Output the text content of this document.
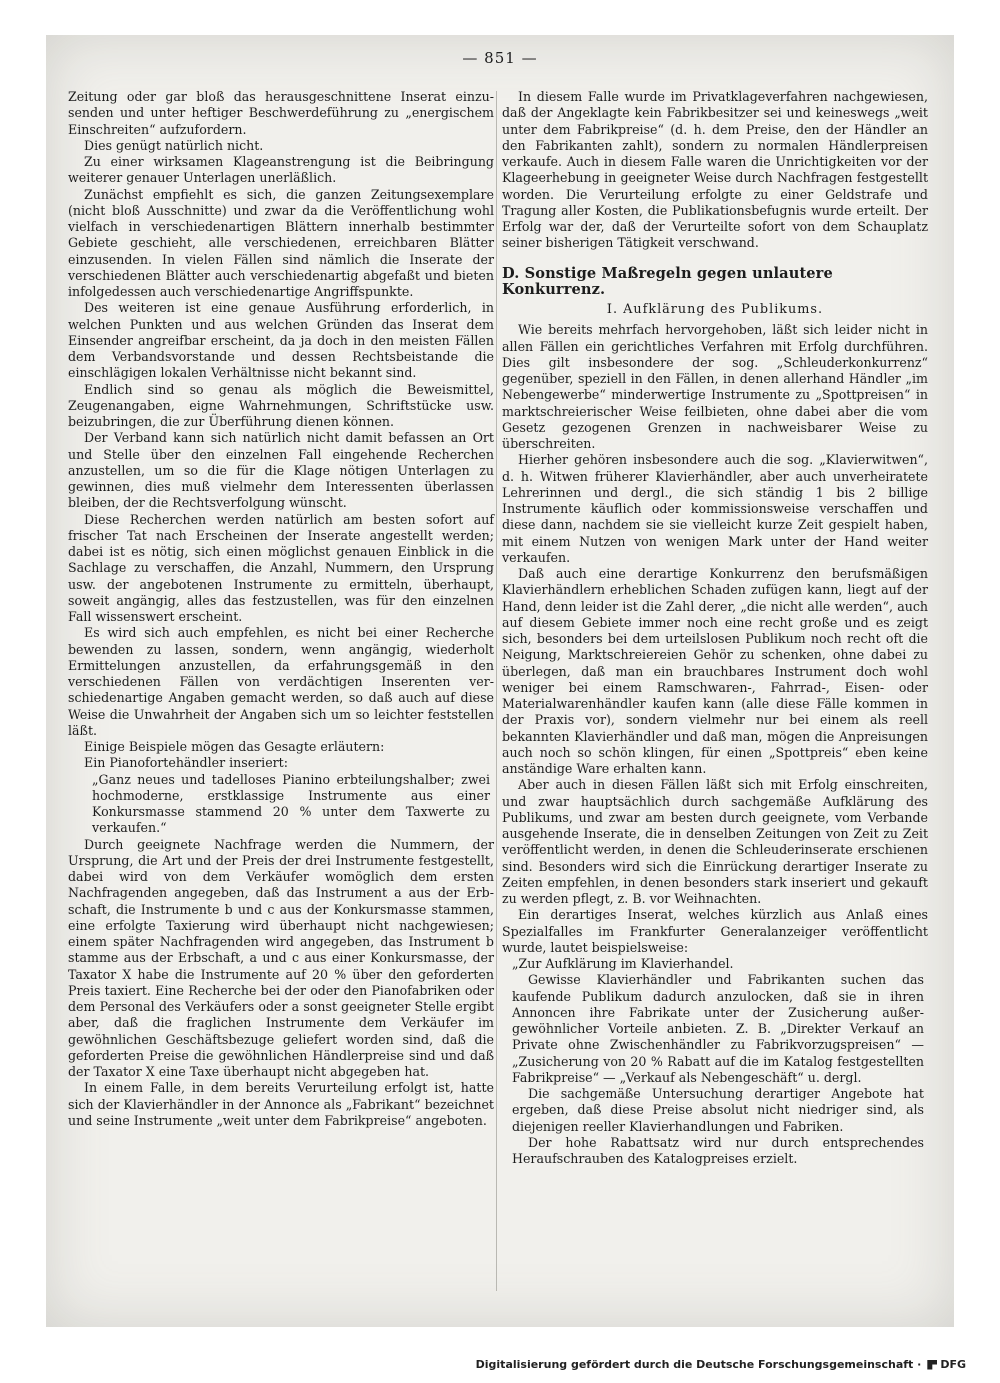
— 851 —

Zeitung oder gar bloß das herausgeschnittene Inserat einzusenden und unter heftiger Beschwerdeführung zu „energischem Einschreiten“ aufzufordern.

Dies genügt natürlich nicht.

Zu einer wirksamen Klageanstrengung ist die Beibringung weiterer genauer Unterlagen unerläßlich.

Zunächst empfiehlt es sich, die ganzen Zeitungsexemplare (nicht bloß Ausschnitte) und zwar da die Veröffentlichung wohl vielfach in verschiedenartigen Blättern innerhalb bestimmter Gebiete geschieht, alle verschiedenen, erreichbaren Blätter einzusenden. In vielen Fällen sind nämlich die Inserate der verschiedenen Blätter auch verschiedenartig abgefaßt und bieten infolgedessen auch verschiedenartige Angriffspunkte.

Des weiteren ist eine genaue Ausführung erforderlich, in welchen Punkten und aus welchen Gründen das Inserat dem Einsender angreifbar erscheint, da ja doch in den meisten Fällen dem Verbandsvorstande und dessen Rechtsbeistande die einschlägigen lokalen Verhältnisse nicht bekannt sind.

Endlich sind so genau als möglich die Beweismittel, Zeugenangaben, eigne Wahrnehmungen, Schriftstücke usw. beizubringen, die zur Überführung dienen können.

Der Verband kann sich natürlich nicht damit befassen an Ort und Stelle über den einzelnen Fall eingehende Recherchen anzustellen, um so die für die Klage nötigen Unterlagen zu gewinnen, dies muß vielmehr dem Interessenten überlassen bleiben, der die Rechtsverfolgung wünscht.

Diese Recherchen werden natürlich am besten sofort auf frischer Tat nach Erscheinen der Inserate angestellt werden; dabei ist es nötig, sich einen möglichst genauen Einblick in die Sachlage zu verschaffen, die Anzahl, Nummern, den Ursprung usw. der angebotenen Instrumente zu ermitteln, überhaupt, soweit angängig, alles das festzustellen, was für den einzelnen Fall wissenswert erscheint.

Es wird sich auch empfehlen, es nicht bei einer Recherche bewenden zu lassen, sondern, wenn angängig, wiederholt Ermittelungen anzustellen, da erfahrungsgemäß in den verschiedenen Fällen von verdächtigen Inserenten verschiedenartige Angaben gemacht werden, so daß auch auf diese Weise die Unwahrheit der Angaben sich um so leichter feststellen läßt.

Einige Beispiele mögen das Gesagte erläutern:

Ein Pianofortehändler inseriert:

„Ganz neues und tadelloses Pianino erbteilungshalber; zwei hochmoderne, erstklassige Instrumente aus einer Konkursmasse stammend 20 % unter dem Taxwerte zu verkaufen.“

Durch geeignete Nachfrage werden die Nummern, der Ursprung, die Art und der Preis der drei Instrumente festgestellt, dabei wird von dem Verkäufer womöglich dem ersten Nachfragenden angegeben, daß das Instrument a aus der Erbschaft, die Instrumente b und c aus der Konkursmasse stammen, eine erfolgte Taxierung wird überhaupt nicht nachgewiesen; einem später Nachfragenden wird angegeben, das Instrument b stamme aus der Erbschaft, a und c aus einer Konkursmasse, der Taxator X habe die Instrumente auf 20 % über den geforderten Preis taxiert. Eine Recherche bei der oder den Pianofabriken oder dem Personal des Verkäufers oder a sonst geeigneter Stelle ergibt aber, daß die fraglichen Instrumente dem Verkäufer im gewöhnlichen Geschäftsbezuge geliefert worden sind, daß die geforderten Preise die gewöhnlichen Händlerpreise sind und daß der Taxator X eine Taxe überhaupt nicht abgegeben hat.

In einem Falle, in dem bereits Verurteilung erfolgt ist, hatte sich der Klavierhändler in der Annonce als „Fabrikant“ bezeichnet und seine Instrumente „weit unter dem Fabrikpreise“ angeboten.

In diesem Falle wurde im Privatklageverfahren nachgewiesen, daß der Angeklagte kein Fabrikbesitzer sei und keineswegs „weit unter dem Fabrikpreise“ (d. h. dem Preise, den der Händler an den Fabrikanten zahlt), sondern zu normalen Händlerpreisen verkaufe. Auch in diesem Falle waren die Unrichtigkeiten vor der Klageerhebung in geeigneter Weise durch Nachfragen festgestellt worden. Die Verurteilung erfolgte zu einer Geldstrafe und Tragung aller Kosten, die Publikationsbefugnis wurde erteilt. Der Erfolg war der, daß der Verurteilte sofort von dem Schauplatz seiner bisherigen Tätigkeit verschwand.

D. Sonstige Maßregeln gegen unlautere Konkurrenz.
I. Aufklärung des Publikums.

Wie bereits mehrfach hervorgehoben, läßt sich leider nicht in allen Fällen ein gerichtliches Verfahren mit Erfolg durchführen. Dies gilt insbesondere der sog. „Schleuderkonkurrenz“ gegenüber, speziell in den Fällen, in denen allerhand Händler „im Nebengewerbe“ minderwertige Instrumente zu „Spottpreisen“ in marktschreierischer Weise feilbieten, ohne dabei aber die vom Gesetz gezogenen Grenzen in nachweisbarer Weise zu überschreiten.

Hierher gehören insbesondere auch die sog. „Klavierwitwen“, d. h. Witwen früherer Klavierhändler, aber auch unverheiratete Lehrerinnen und dergl., die sich ständig 1 bis 2 billige Instrumente käuflich oder kommissionsweise verschaffen und diese dann, nachdem sie sie vielleicht kurze Zeit gespielt haben, mit einem Nutzen von wenigen Mark unter der Hand weiter verkaufen.

Daß auch eine derartige Konkurrenz den berufsmäßigen Klavierhändlern erheblichen Schaden zufügen kann, liegt auf der Hand, denn leider ist die Zahl derer, „die nicht alle werden“, auch auf diesem Gebiete immer noch eine recht große und es zeigt sich, besonders bei dem urteilslosen Publikum noch recht oft die Neigung, Marktschreiereien Gehör zu schenken, ohne dabei zu überlegen, daß man ein brauchbares Instrument doch wohl weniger bei einem Ramschwaren-, Fahrrad-, Eisen- oder Materialwarenhändler kaufen kann (alle diese Fälle kommen in der Praxis vor), sondern vielmehr nur bei einem als reell bekannten Klavierhändler und daß man, mögen die Anpreisungen auch noch so schön klingen, für einen „Spottpreis“ eben keine anständige Ware erhalten kann.

Aber auch in diesen Fällen läßt sich mit Erfolg einschreiten, und zwar hauptsächlich durch sachgemäße Aufklärung des Publikums, und zwar am besten durch geeignete, vom Verbande ausgehende Inserate, die in denselben Zeitungen von Zeit zu Zeit veröffentlicht werden, in denen die Schleuderinserate erschienen sind. Besonders wird sich die Einrückung derartiger Inserate zu Zeiten empfehlen, in denen besonders stark inseriert und gekauft zu werden pflegt, z. B. vor Weihnachten.

Ein derartiges Inserat, welches kürzlich aus Anlaß eines Spezialfalles im Frankfurter Generalanzeiger veröffentlicht wurde, lautet beispielsweise:

„Zur Aufklärung im Klavierhandel.

Gewisse Klavierhändler und Fabrikanten suchen das kaufende Publikum dadurch anzulocken, daß sie in ihren Annoncen ihre Fabrikate unter der Zusicherung außergewöhnlicher Vorteile anbieten. Z. B. „Direkter Verkauf an Private ohne Zwischenhändler zu Fabrikvorzugspreisen“ — „Zusicherung von 20 % Rabatt auf die im Katalog festgestellten Fabrikpreise“ — „Verkauf als Nebengeschäft“ u. dergl.

Die sachgemäße Untersuchung derartiger Angebote hat ergeben, daß diese Preise absolut nicht niedriger sind, als diejenigen reeller Klavierhandlungen und Fabriken.

Der hohe Rabattsatz wird nur durch entsprechendes Heraufschrauben des Katalogpreises erzielt.

Digitalisierung gefördert durch die Deutsche Forschungsgemeinschaft · DFG
